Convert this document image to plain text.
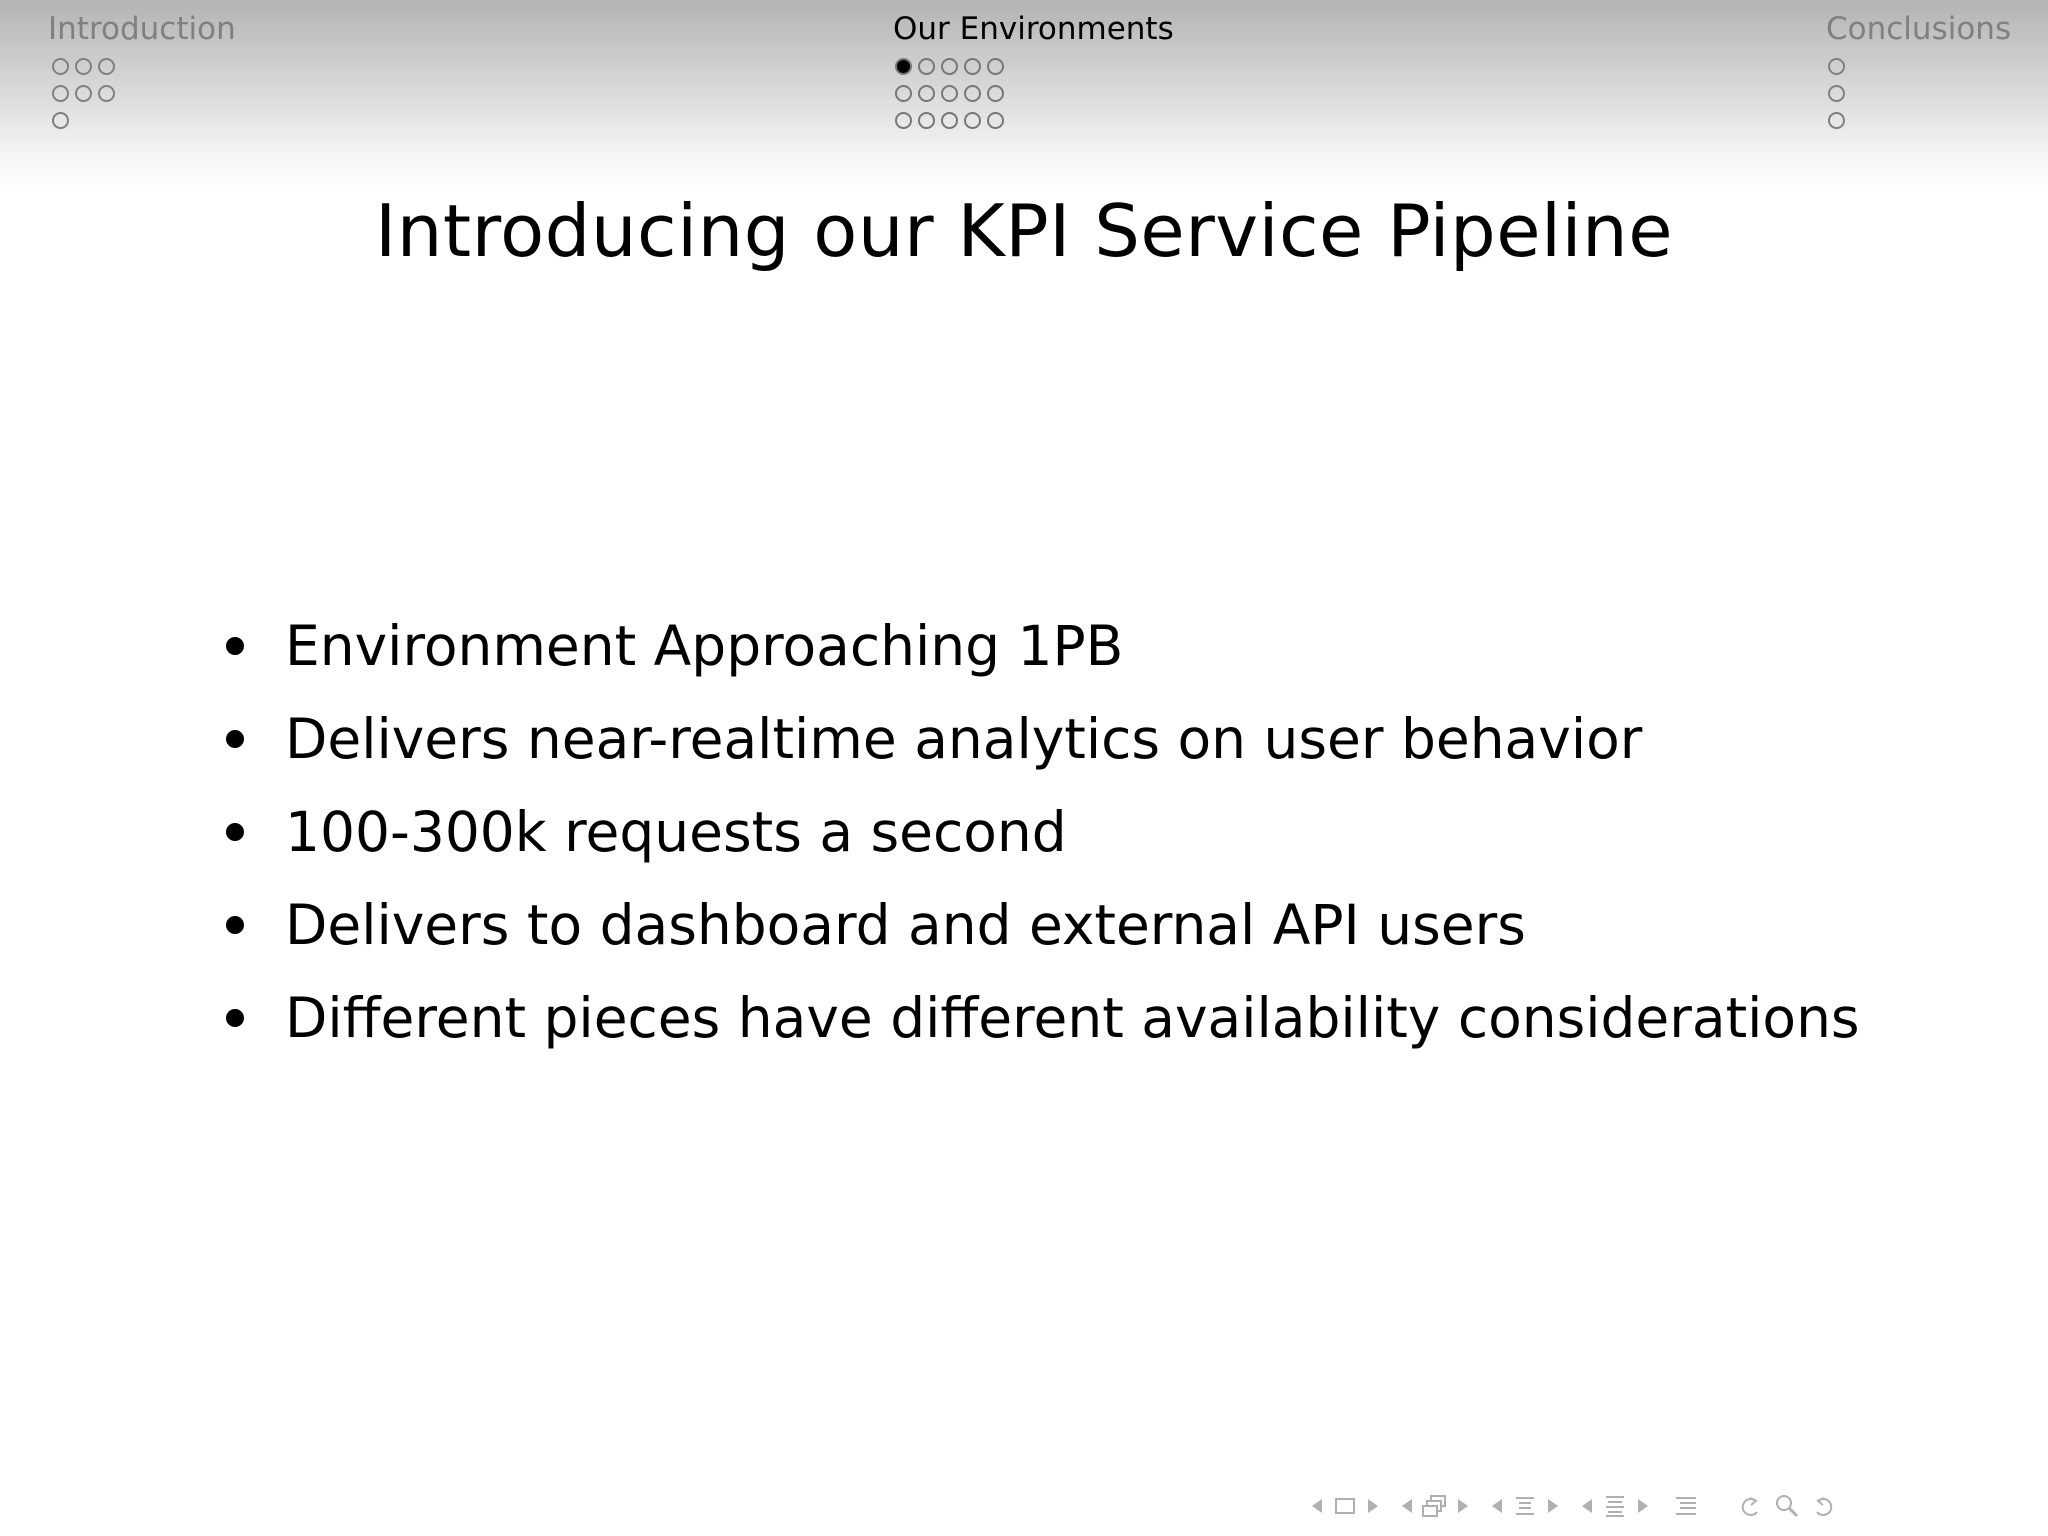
Introduction	Our Environments	Conclusions
Introducing our KPI Service Pipeline
Environment Approaching 1PB
Delivers near-realtime analytics on user behavior
100-300k requests a second
Delivers to dashboard and external API users
Different pieces have different availability considerations
